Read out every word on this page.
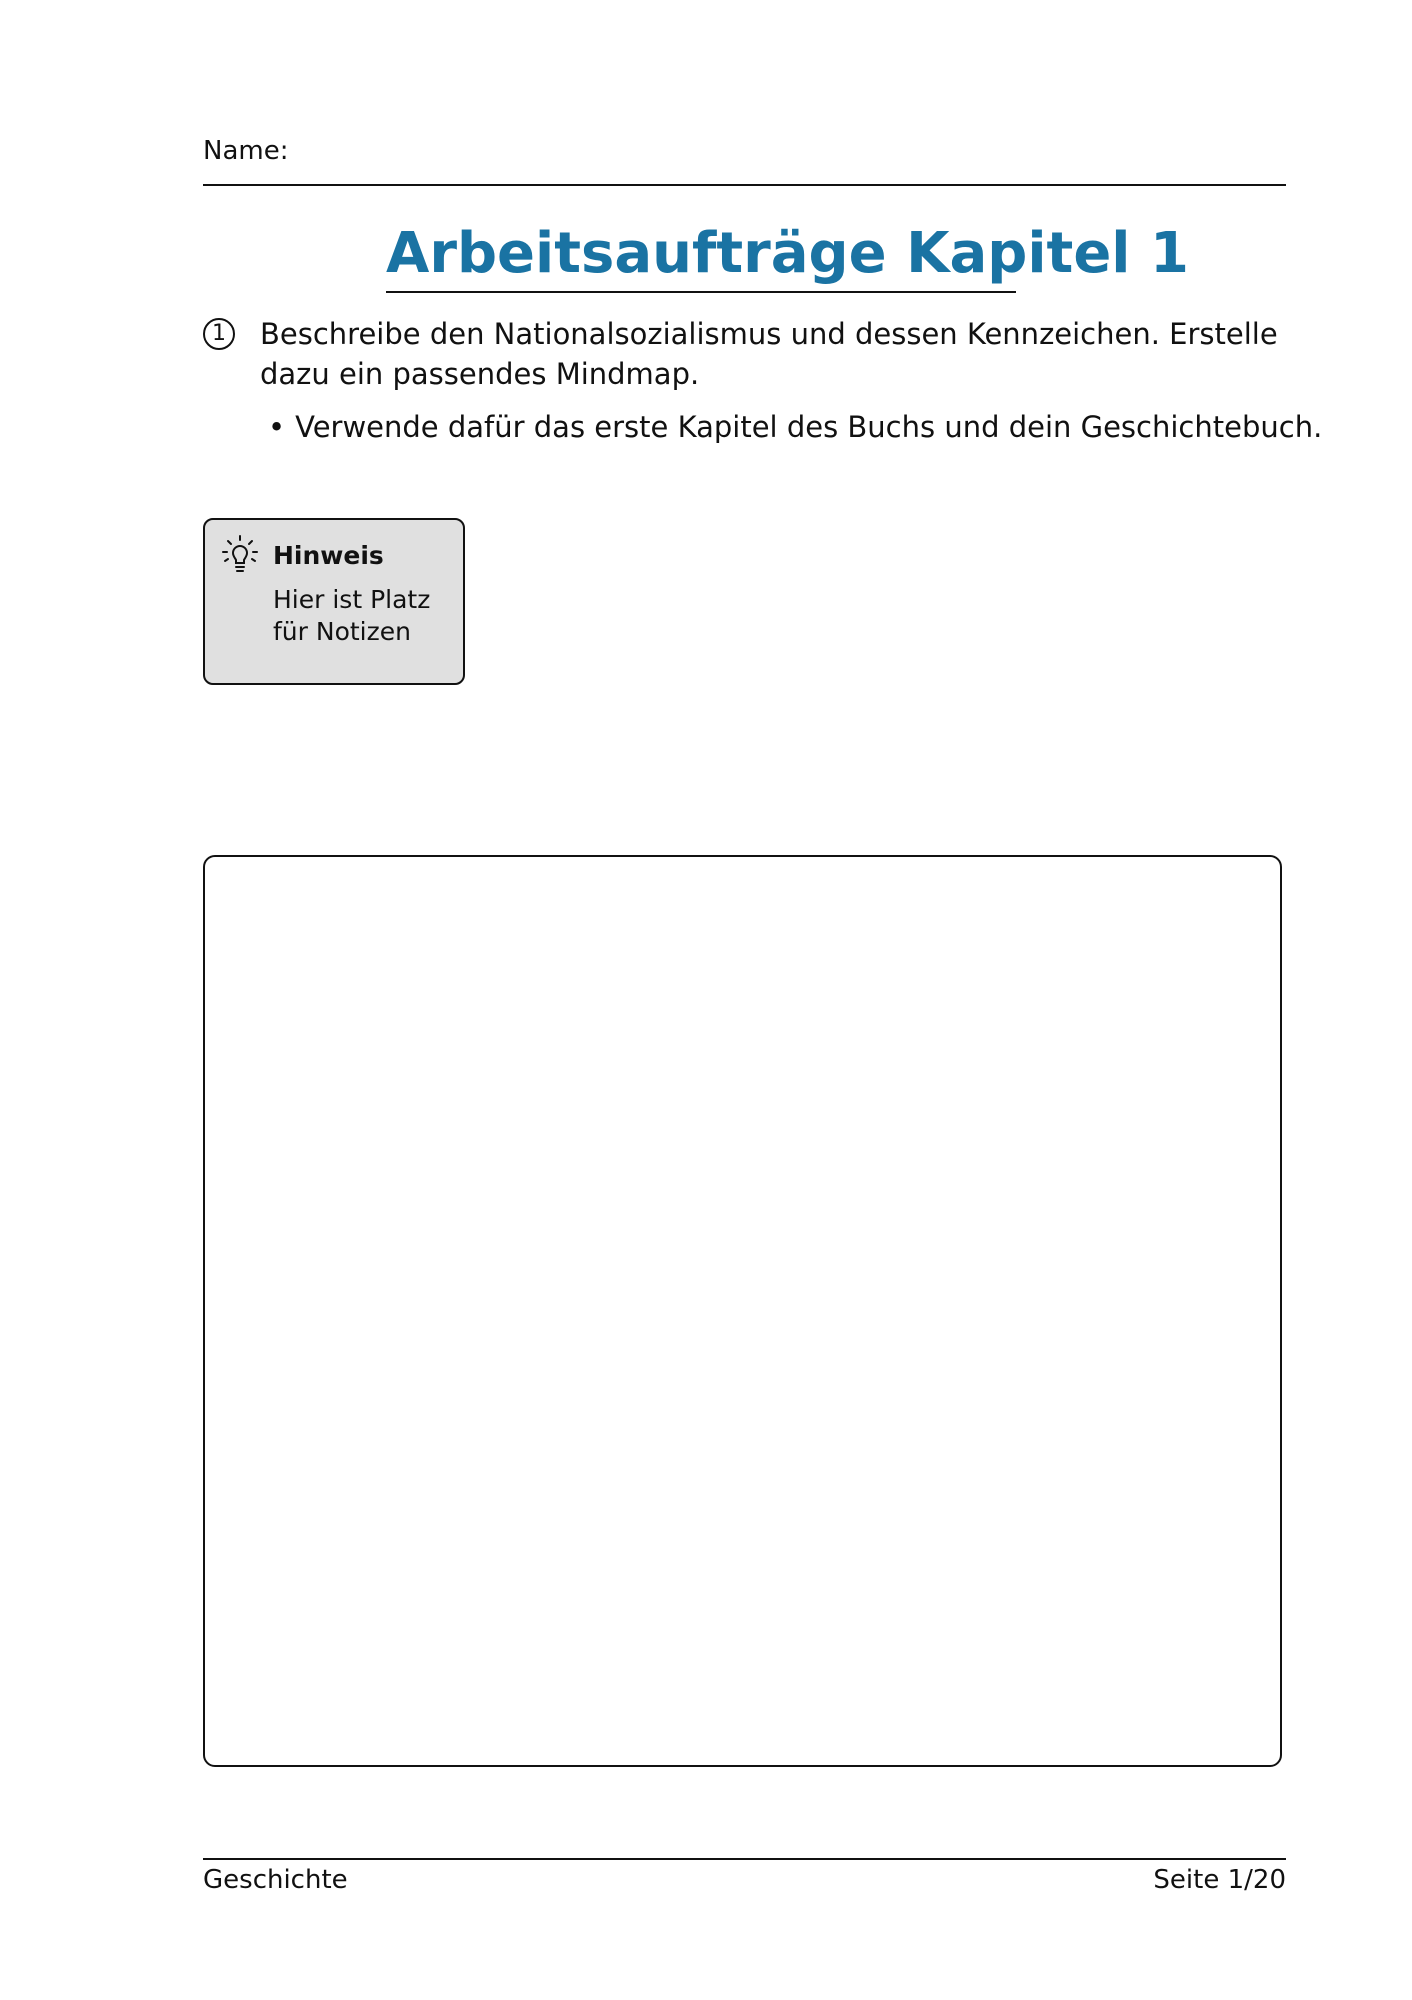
Name:
Arbeitsaufträge Kapitel 1
1	Beschreibe den Nationalsozialismus und dessen Kennzeichen. Erstelle dazu ein passendes Mindmap.
• Verwende dafür das erste Kapitel des Buchs und dein Geschichtebuch.
Hinweis
Hier ist Platz für Notizen
Geschichte	Seite 1/20
